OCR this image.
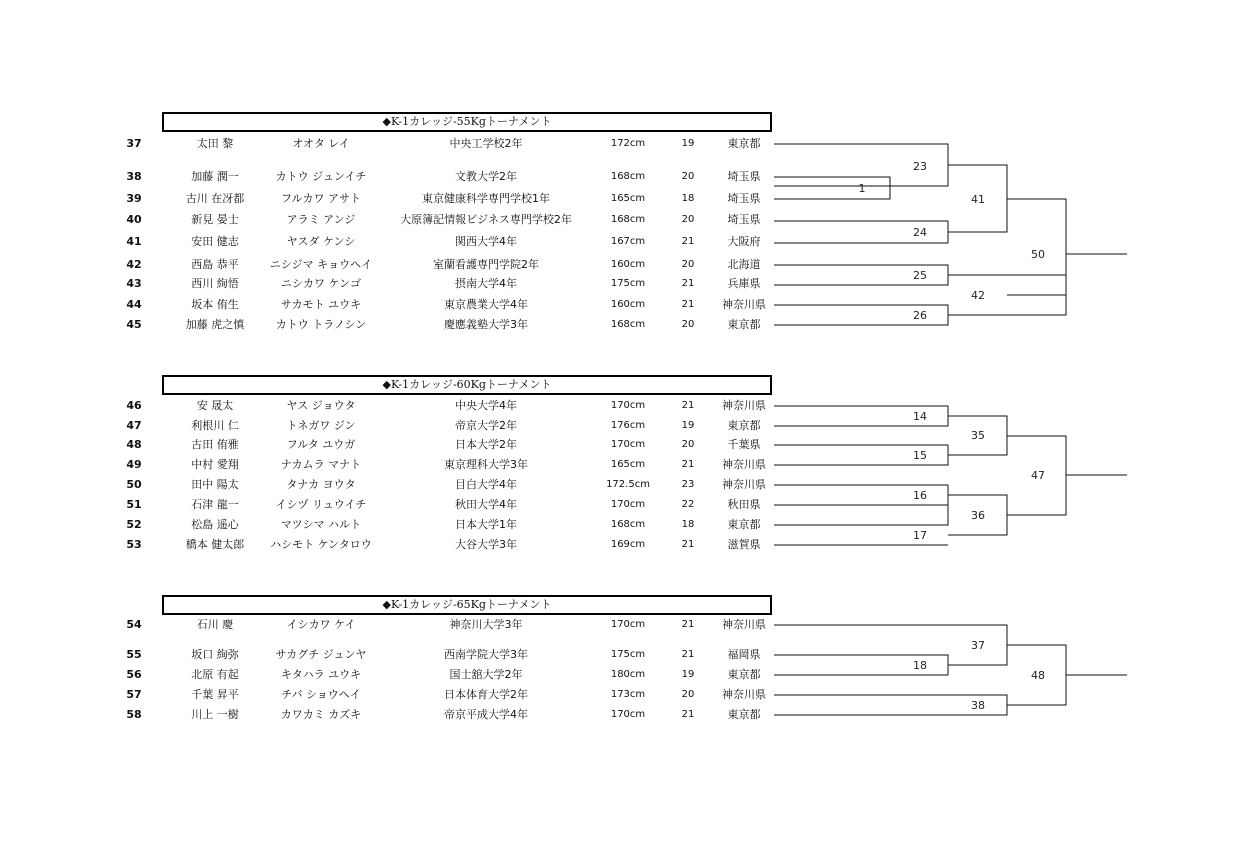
◆K-1カレッジ-55Kgトーナメント
37	太田 黎	オオタ レイ	中央工学校2年	172cm	19	東京都
38	加藤 潤一	カトウ ジュンイチ	文教大学2年	168cm	20	埼玉県
39	古川 在冴都	フルカワ アサト	東京健康科学専門学校1年	165cm	18	埼玉県
40	新見 晏士	アラミ アンジ	大原簿記情報ビジネス専門学校2年	168cm	20	埼玉県
41	安田 健志	ヤスダ ケンシ	関西大学4年	167cm	21	大阪府
42	西島 恭平	ニシジマ キョウヘイ	室蘭看護専門学院2年	160cm	20	北海道
43	西川 絢悟	ニシカワ ケンゴ	摂南大学4年	175cm	21	兵庫県
44	坂本 侑生	サカモト ユウキ	東京農業大学4年	160cm	21	神奈川県
45	加藤 虎之慎	カトウ トラノシン	慶應義塾大学3年	168cm	20	東京都
◆K-1カレッジ-60Kgトーナメント
46	安 晟太	ヤス ジョウタ	中央大学4年	170cm	21	神奈川県
47	利根川 仁	トネガワ ジン	帝京大学2年	176cm	19	東京都
48	古田 侑雅	フルタ ユウガ	日本大学2年	170cm	20	千葉県
49	中村 愛翔	ナカムラ マナト	東京理科大学3年	165cm	21	神奈川県
50	田中 陽太	タナカ ヨウタ	目白大学4年	172.5cm	23	神奈川県
51	石津 龍一	イシヅ リュウイチ	秋田大学4年	170cm	22	秋田県
52	松島 遥心	マツシマ ハルト	日本大学1年	168cm	18	東京都
53	橋本 健太郎	ハシモト ケンタロウ	大谷大学3年	169cm	21	滋賀県
◆K-1カレッジ-65Kgトーナメント
54	石川 慶	イシカワ ケイ	神奈川大学3年	170cm	21	神奈川県
55	坂口 絢弥	サカグチ ジュンヤ	西南学院大学3年	175cm	21	福岡県
56	北原 有起	キタハラ ユウキ	国士舘大学2年	180cm	19	東京都
57	千葉 昇平	チバ ショウヘイ	日本体育大学2年	173cm	20	神奈川県
58	川上 一樹	カワカミ カズキ	帝京平成大学4年	170cm	21	東京都
1
23
24
25
26
41
42
50
14
15
16
17
35
36
47
18
37
38
48
